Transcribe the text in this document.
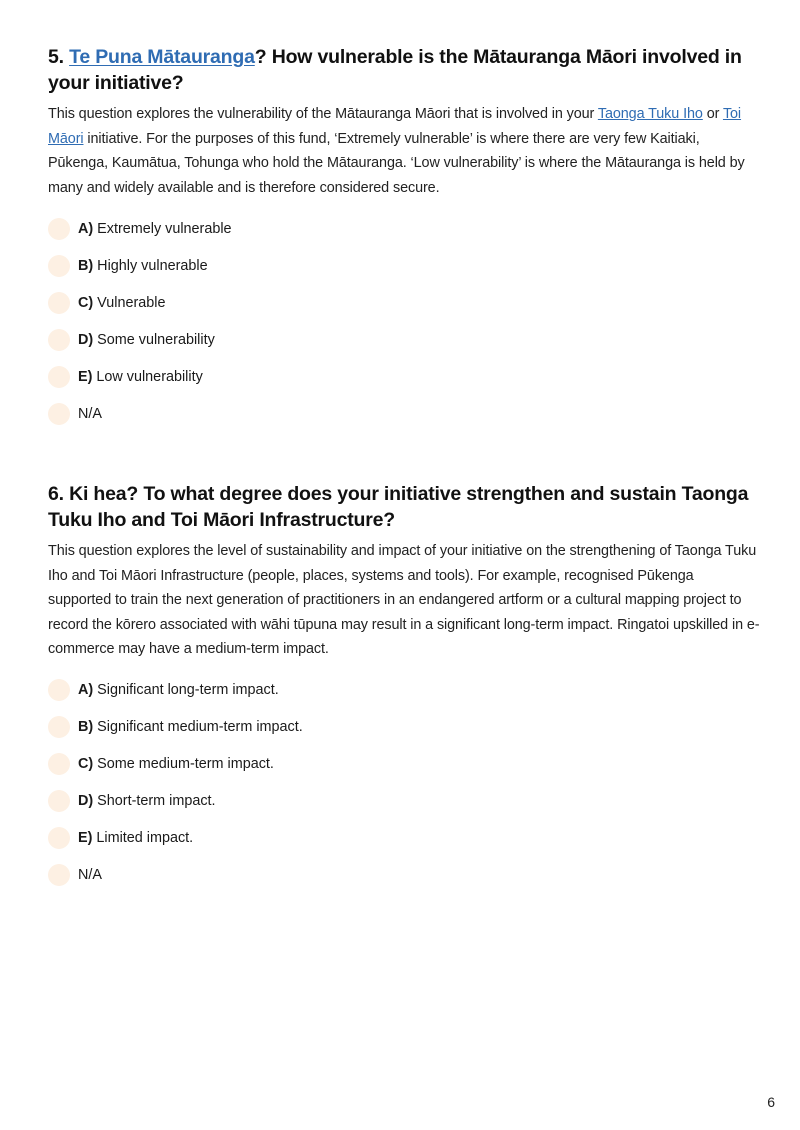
5. Te Puna Mātauranga? How vulnerable is the Mātauranga Māori involved in your initiative?

This question explores the vulnerability of the Mātauranga Māori that is involved in your Taonga Tuku Iho or Toi Māori initiative. For the purposes of this fund, ‘Extremely vulnerable’ is where there are very few Kaitiaki, Pūkenga, Kaumātua, Tohunga who hold the Mātauranga. ‘Low vulnerability’ is where the Mātauranga is held by many and widely available and is therefore considered secure.

A) Extremely vulnerable
B) Highly vulnerable
C) Vulnerable
D) Some vulnerability
E) Low vulnerability
N/A
6. Ki hea? To what degree does your initiative strengthen and sustain Taonga Tuku Iho and Toi Māori Infrastructure?

This question explores the level of sustainability and impact of your initiative on the strengthening of Taonga Tuku Iho and Toi Māori Infrastructure (people, places, systems and tools). For example, recognised Pūkenga supported to train the next generation of practitioners in an endangered artform or a cultural mapping project to record the kōrero associated with wāhi tūpuna may result in a significant long-term impact. Ringatoi upskilled in e-commerce may have a medium-term impact.

A) Significant long-term impact.
B) Significant medium-term impact.
C) Some medium-term impact.
D) Short-term impact.
E) Limited impact.
N/A
6
